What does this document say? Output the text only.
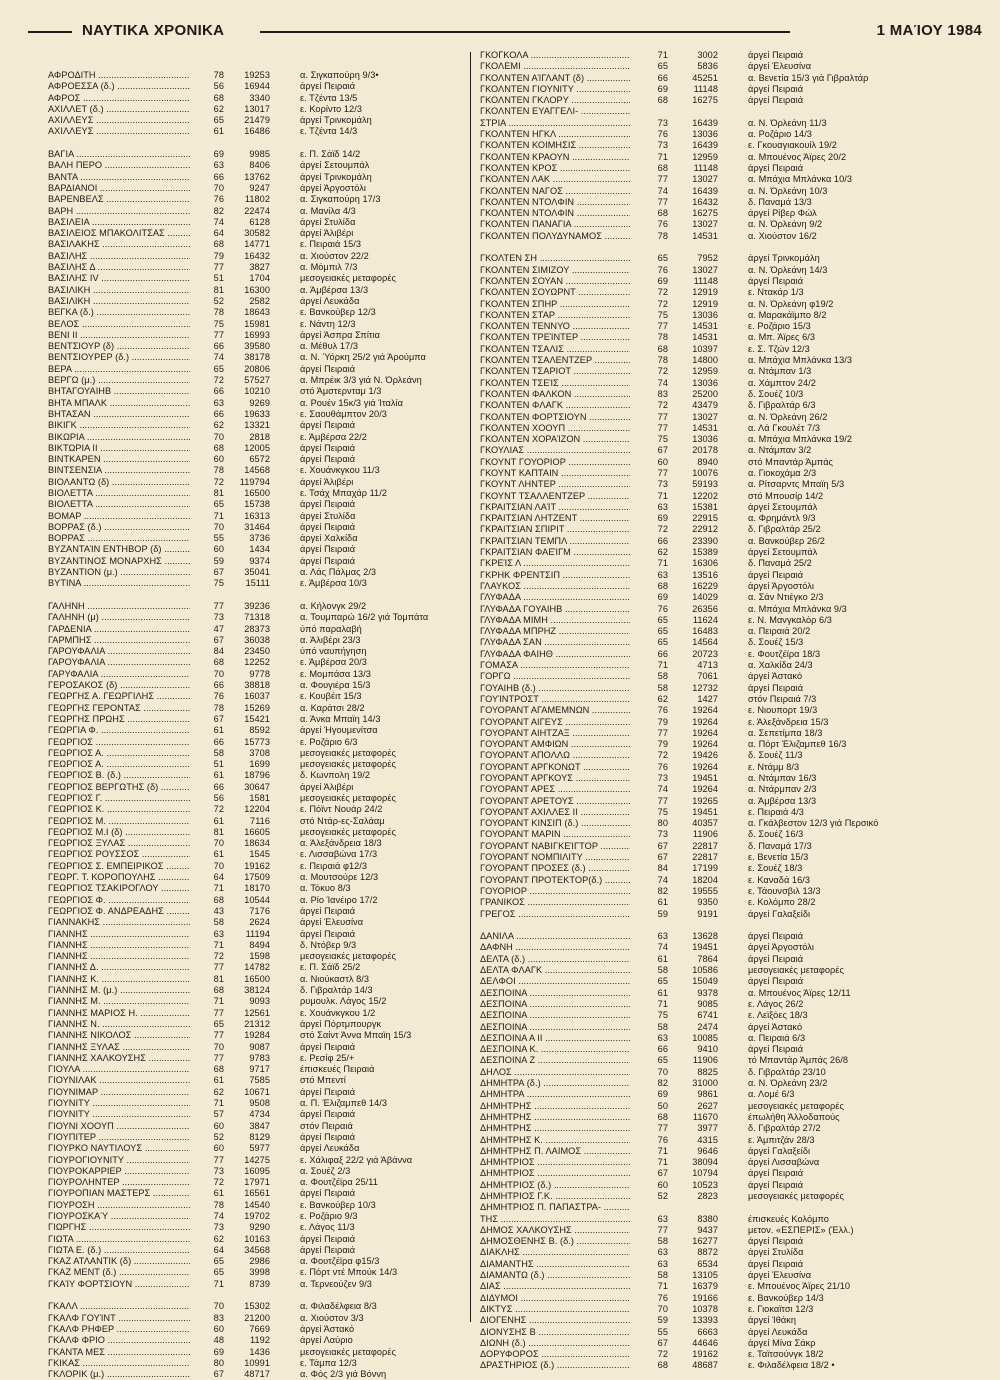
ΝΑΥΤΙΚΑ ΧΡΟΝΙΚΑ	1 ΜΑΊΟΥ 1984
ΑΦΡΟΔΙΤΗ .....	78	19253	α. Σιγκαπούρη 9/3•
ΑΦΡΟΕΣΣΑ (δ.) .....	56	16944	άργεί Πειραιά
ΑΦΡΟΣ .....	68	3340	ε. Τζέντα 13/5
ΑΧΙΛΛΕΤ (δ.) .....	62	13017	ε. Κορίντο 12/3
ΑΧΙΛΛΕΥΣ .....	65	21479	άργεί Τρινκομάλη
ΑΧΙΛΛΕΥΣ .....	61	16486	ε. Τζέντα 14/3
ΒΑΓΙΑ .....	69	9985	ε. Π. Σάϊδ 14/2
ΒΑΛΗ ΠΕΡΟ .....	63	8406	άργεί Σετουμπάλ
ΒΑΝΤΑ .....	66	13762	άργεί Τρινκομάλη
ΒΑΡΔΙΑΝΟΙ .....	70	9247	άργεί Άργοστόλι
ΒΑΡΕΝΒΕΛΣ .....	76	11802	α. Σιγκαπούρη 17/3
ΒΑΡΗ .....	82	22474	α. Μανίλα 4/3
ΒΑΣΙΛΕΙΑ .....	74	6128	άργεί Στυλίδα
ΒΑΣΙΛΕΙΟΣ ΜΠΑΚΟΛΙΤΣΑΣ .....	64	30582	άργεί Άλιβέρι
ΒΑΣΙΛΑΚΗΣ .....	68	14771	ε. Πειραιά 15/3
ΒΑΣΙΛΗΣ .....	79	16432	α. Χιούστον 22/2
ΒΑΣΙΛΗΣ Δ .....	77	3827	α. Μόμπιλ 7/3
ΒΑΣΙΛΗΣ IV .....	51	1704	μεσογειακές μεταφορές
ΒΑΣΙΛΙΚΗ .....	81	16300	α. Άμβέρσα 13/3
ΒΑΣΙΛΙΚΗ .....	52	2582	άργεί Λευκάδα
ΒΕΓΚΑ (δ.) .....	78	18643	ε. Βανκούβερ 12/3
ΒΕΛΟΣ .....	75	15981	ε. Νάντη 12/3
ΒΕΝΙ II .....	77	16993	άργεί Άσπρα Σπίτια
ΒΕΝΤΣΙΟΥΡ (δ) .....	66	39580	α. Μέθυλ 17/3
ΒΕΝΤΣΙΟΥΡΕΡ (δ.) .....	74	38178	α. Ν. Ύόρκη 25/2 γιά Άρούμπα
ΒΕΡΑ .....	65	20806	άργεί Πειραιά
ΒΕΡΓΩ (μ.) .....	72	57527	α. Μπρέικ 3/3 γιά Ν. Όρλεάνη
ΒΗΤΑΓΟΥΑΙΗΒ .....	66	10210	στό Άμστερνταμ 1/3
ΒΗΤΑ ΜΠΑΛΚ .....	63	9269	α. Ρουέν 15κ/3 γιά Ίταλία
ΒΗΤΑΣΑΝ .....	66	19633	ε. Σαουθάμπτον 20/3
ΒΙΚΙΓΚ .....	62	13321	άργεί Πειραιά
ΒΙΚΩΡΙΑ .....	70	2818	ε. Άμβέρσα 22/2
ΒΙΚΤΩΡΙΑ II .....	68	12005	άργεί Πειραιά
ΒΙΝΤΚΑΡΕΝ .....	60	6572	άργεί Πειραιά
ΒΙΝΤΣΕΝΣΙΑ .....	78	14568	ε. Χουάνκγκου 11/3
ΒΙΟΛΑΝΤΩ (δ) .....	72	119794	άργεί Άλιβέρι
ΒΙΟΛΕΤΤΑ .....	81	16500	ε. Τσάχ Μπαχάρ 11/2
ΒΙΟΛΕΤΤΑ .....	65	15738	άργεί Πειραιά
ΒΟΜΑΡ .....	71	16313	άργεί Στυλίδα
ΒΟΡΡΑΣ (δ.) .....	70	31464	άργεί Πειραιά
ΒΟΡΡΑΣ .....	55	3736	άργεί Χαλκίδα
ΒΥΖΑΝΤΑΊΝ ΕΝΤΗΒΟΡ (δ) .....	60	1434	άργεί Πειραιά
ΒΥΖΑΝΤΙΝΟΣ ΜΟΝΑΡΧΗΣ .....	59	9374	άργεί Πειραιά
ΒΥΖΑΝΤΙΟΝ (μ.) .....	67	35041	α. Λάς Πάλμας 2/3
ΒΥΤΙΝΑ .....	75	15111	ε. Άμβέρσα 10/3
ΓΑΛΗΝΗ .....	77	39236	α. Κήλονγκ 29/2
ΓΑΛΗΝΗ (μ) .....	73	71318	α. Τουμπαρώ 16/2 γιά Τομπάτα
ΓΑΡΔΕΝΙΑ .....	47	28373	ύπό παραλαβή
ΓΑΡΜΠΗΣ .....	67	36038	α. Άλιβέρι 23/3
ΓΑΡΟΥΦΑΛΙΑ .....	84	23450	ύπό ναυπήγηση
ΓΑΡΟΥΦΑΛΙΑ .....	68	12252	ε. Άμβέρσα 20/3
ΓΑΡΥΦΑΛΙΑ .....	70	9778	ε. Μομπάσα 13/3
ΓΕΡΟΣΑΚΟΣ (δ) .....	66	38818	α. Φουγιέρα 15/3
ΓΕΩΡΓΗΣ Α. ΓΕΩΡΓΙΛΗΣ .....	76	16037	ε. Κουβέιτ 15/3
ΓΕΩΡΓΗΣ ΓΕΡΟΝΤΑΣ .....	78	15269	α. Καράτσι 28/2
ΓΕΩΡΓΗΣ ΠΡΩΗΣ .....	67	15421	α. Άνκα Μπαϊη 14/3
ΓΕΩΡΓΙΑ Φ. .....	61	8592	άργεί Ήγουμενίτσα
ΓΕΩΡΓΙΟΣ .....	66	15773	ε. Ροζάριο 6/3
ΓΕΩΡΓΙΟΣ Α. .....	58	3708	μεσογειακές μεταφορές
ΓΕΩΡΓΙΟΣ Α. .....	51	1699	μεσογειακές μεταφορές
ΓΕΩΡΓΙΟΣ Β. (δ.) .....	61	18796	δ. Κωνπολη 19/2
ΓΕΩΡΓΙΟΣ ΒΕΡΓΩΤΗΣ (δ) .....	66	30647	άργεί Άλιβέρι
ΓΕΩΡΓΙΟΣ Γ. .....	56	1581	μεσογειακές μεταφορές
ΓΕΩΡΓΙΟΣ Κ. .....	72	12204	ε. Πόϊντ Νουάρ 24/2
ΓΕΩΡΓΙΟΣ Μ. .....	61	7116	στό Ντάρ-ες-Σαλάαμ
ΓΕΩΡΓΙΟΣ Μ.Ι (δ) .....	81	16605	μεσογειακές μεταφορές
ΓΕΩΡΓΙΟΣ ΞΥΛΑΣ .....	70	18634	α. Άλεξάνδρεια 18/3
ΓΕΩΡΓΙΟΣ ΡΟΥΣΣΟΣ .....	61	1545	ε. Λισσαβώνα 17/3
ΓΕΩΡΓΙΟΣ Σ. ΕΜΠΕΙΡΙΚΟΣ .....	70	19162	ε. Πειραιά φ12/3
ΓΕΩΡΓ. Τ. ΚΟΡΟΠΟΥΛΗΣ .....	64	17509	α. Μουτσούρε 12/3
ΓΕΩΡΓΙΟΣ ΤΣΑΚΙΡΟΓΛΟΥ .....	71	18170	α. Τόκυο 8/3
ΓΕΩΡΓΙΟΣ Φ. .....	68	10544	α. Ρίο Ίανέιρο 17/2
ΓΕΩΡΓΙΟΣ Φ. ΑΝΔΡΕΑΔΗΣ .....	43	7176	άργεί Πειραιά
ΓΙΑΝΝΑΚΗΣ .....	58	2624	άργεί Έλευσίνα
ΓΙΑΝΝΗΣ .....	63	11194	άργεί Πειραιά
ΓΙΑΝΝΗΣ .....	71	8494	δ. Ντόβερ 9/3
ΓΙΑΝΝΗΣ .....	72	1598	μεσογειακές μεταφορές
ΓΙΑΝΝΗΣ Δ. .....	77	14782	ε. Π. Σάϊδ 25/2
ΓΙΑΝΝΗΣ Κ. .....	81	16500	α. Νιούκαστλ 8/3
ΓΙΑΝΝΗΣ Μ. (μ.) .....	68	38124	δ. Γιβραλτάρ 14/3
ΓΙΑΝΝΗΣ Μ. .....	71	9093	ρυμουλκ. Λάγος 15/2
ΓΙΑΝΝΗΣ ΜΑΡΙΟΣ Η. .....	77	12561	ε. Χουάνκγκου 1/2
ΓΙΑΝΝΗΣ Ν. .....	65	21312	άργεί Πόρτμπουργκ
ΓΙΑΝΝΗΣ ΝΙΚΟΛΟΣ .....	77	19284	στό Σαίντ Άννα Μπαϊη 15/3
ΓΙΑΝΝΗΣ ΞΥΛΑΣ .....	70	9087	άργεί Πειραιά
ΓΙΑΝΝΗΣ ΧΑΛΚΟΥΣΗΣ .....	77	9783	ε. Ρεσίφ 25/+
ΓΙΟΥΛΑ .....	68	9717	έπισκευές Πειραιά
ΓΙΟΥΝΙΛΑΚ .....	61	7585	στό Μπεντί
ΓΙΟΥΝΙΜΑΡ .....	62	10671	άργεί Πειραιά
ΓΙΟΥΝΙΤΥ .....	71	9508	α. Π. Έλιζαμπεθ 14/3
ΓΙΟΥΝΙΤΥ .....	57	4734	άργεί Πειραιά
ΓΙΟΥΝΙ ΧΟΟΥΠ .....	60	3847	στόν Πειραιά
ΓΙΟΥΠΙΤΕΡ .....	52	8129	άργεί Πειραιά
ΓΙΟΥΡΚΟ ΝΑΥΤΙΛΟΥΣ .....	60	5977	άργεί Λευκάδα
ΓΙΟΥΡΟΓΙΟΥΝΙΤΥ .....	77	14275	ε. Χάλιφαξ 22/2 γιά Άβάννα
ΓΙΟΥΡΟΚΑΡΡΙΕΡ .....	73	16095	α. Σουέζ 2/3
ΓΙΟΥΡΟΛΗΝΤΕΡ .....	72	17971	α. Φουτζέϊρα 25/11
ΓΙΟΥΡΟΠΙΑΝ ΜΑΣΤΕΡΣ .....	61	16561	άργεί Πειραιά
ΓΙΟΥΡΟΣΗ .....	78	14540	ε. Βανκούβερ 10/3
ΓΙΟΥΡΟΣΚΑΎ .....	74	19702	ε. Ροζάριο 9/3
ΓΙΩΡΓΗΣ .....	73	9290	ε. Λάγος 11/3
ΓΙΩΤΑ .....	62	10163	άργεί Πειραιά
ΓΙΩΤΑ Ε. (δ.) .....	64	34568	άργεί Πειραιά
ΓΚΑΖ ΑΤΛΑΝΤΙΚ (δ) .....	65	2986	α. Φουτζέϊρα φ15/3
ΓΚΑΖ ΜΕΝΤ (δ.) .....	65	3998	ε. Πόρτ ντέ Μπούκ 14/3
ΓΚΑΊΥ ΦΟΡΤΣΙΟΥΝ .....	71	8739	α. Τερνεούζεν 9/3
ΓΚΑΛΛ .....	70	15302	α. Φιλαδέλφεια 8/3
ΓΚΑΛΦ ΓΟΥΊΝΤ .....	83	21200	α. Χιούστον 3/3
ΓΚΑΛΦ ΡΗΦΕΡ .....	60	7669	άργεί Άστακό
ΓΚΑΛΦ ΦΡΙΟ .....	48	1192	άργεί Λαύριο
ΓΚΑΝΤΑ ΜΕΣ .....	69	1436	μεσογειακές μεταφορές
ΓΚΙΚΑΣ .....	80	10991	ε. Τάμπα 12/3
ΓΚΛΟΡΙΚ (μ.) .....	67	48717	α. Φός 2/3 γιά Βόννη
ΓΚΟΓΚΟΛΑ .....	71	3002	άργεί Πειραιά
ΓΚΟΛΕΜΙ .....	65	5836	άργεί Έλευσίνα
ΓΚΟΛΝΤΕΝ ΑΊΓΛΑΝΤ (δ) .....	66	45251	α. Βενετία 15/3 γιά Γιβραλτάρ
ΓΚΟΛΝΤΕΝ ΓΙΟΥΝΙΤΥ .....	69	11148	άργεί Πειραιά
ΓΚΟΛΝΤΕΝ ΓΚΛΟΡΥ .....	68	16275	άργεί Πειραιά
ΓΚΟΛΝΤΕΝ ΕΥΑΓΓΕΛΙ- .....
ΣΤΡΙΑ .....	73	16439	α. Ν. Όρλεάνη 11/3
ΓΚΟΛΝΤΕΝ ΗΓΚΛ .....	76	13036	α. Ροζάριο 14/3
ΓΚΟΛΝΤΕΝ ΚΟΙΜΗΣΙΣ .....	73	16439	ε. Γκουαγιακουίλ 19/2
ΓΚΟΛΝΤΕΝ ΚΡΑΟΥΝ .....	71	12959	α. Μπουένος Άϊρες 20/2
ΓΚΟΛΝΤΕΝ ΚΡΟΣ .....	68	11148	άργεί Πειραιά
ΓΚΟΛΝΤΕΝ ΛΑΚ .....	77	13027	α. Μπάχια Μπλάνκα 10/3
ΓΚΟΛΝΤΕΝ ΝΑΓΟΣ .....	74	16439	α. Ν. Όρλεάνη 10/3
ΓΚΟΛΝΤΕΝ ΝΤΟΛΦΙΝ .....	77	16432	δ. Παναμά 13/3
ΓΚΟΛΝΤΕΝ ΝΤΟΛΦΙΝ .....	68	16275	άργεί Ρίβερ Φώλ
ΓΚΟΛΝΤΕΝ ΠΑΝΑΓΙΑ .....	76	13027	α. Ν. Όρλεάνη 9/2
ΓΚΟΛΝΤΕΝ ΠΟΛΥΔΥΝΑΜΟΣ .....	78	14531	α. Χιούστον 16/2
ΓΚΟΛΤΕΝ ΣΗ .....	65	7952	άργεί Τρινκομάλη
ΓΚΟΛΝΤΕΝ ΣΙΜΙΖΟΥ .....	76	13027	α. Ν. Όρλεάνη 14/3
ΓΚΟΛΝΤΕΝ ΣΟΥΑΝ .....	69	11148	άργεί Πειραιά
ΓΚΟΛΝΤΕΝ ΣΟΥΩΡΝΤ .....	72	12919	ε. Ντακάρ 1/3
ΓΚΟΛΝΤΕΝ ΣΠΗΡ .....	72	12919	α. Ν. Όρλεάνη φ19/2
ΓΚΟΛΝΤΕΝ ΣΤΑΡ .....	75	13036	α. Μαρακάϊμπο 8/2
ΓΚΟΛΝΤΕΝ ΤΕΝΝΥΟ .....	77	14531	ε. Ροζάριο 15/3
ΓΚΟΛΝΤΕΝ ΤΡΕΊΝΤΕΡ .....	78	14531	α. Μπ. Άϊρες 6/3
ΓΚΟΛΝΤΕΝ ΤΣΑΛΙΣ .....	68	10397	ε. Σ. Τζών 12/3
ΓΚΟΛΝΤΕΝ ΤΣΑΛΕΝΤΖΕΡ .....	78	14800	α. Μπάχια Μπλάνκα 13/3
ΓΚΟΛΝΤΕΝ ΤΣΑΡΙΟΤ .....	72	12959	α. Ντάμπαν 1/3
ΓΚΟΛΝΤΕΝ ΤΣΕΊΣ .....	74	13036	α. Χάμπτον 24/2
ΓΚΟΛΝΤΕΝ ΦΑΛΚΟΝ .....	83	25200	δ. Σουέζ 10/3
ΓΚΟΛΝΤΕΝ ΦΛΑΓΚ .....	72	43479	δ. Γιβραλτάρ 6/3
ΓΚΟΛΝΤΕΝ ΦΟΡΤΣΙΟΥΝ .....	77	13027	α. Ν. Όρλεάνη 26/2
ΓΚΟΛΝΤΕΝ ΧΟΟΥΠ .....	77	14531	α. Λά Γκουλέτ 7/3
ΓΚΟΛΝΤΕΝ ΧΟΡΑΊΖΟΝ .....	75	13036	α. Μπάχια Μπλάνκα 19/2
ΓΚΟΥΛΙΑΣ .....	67	20178	α. Ντάμπαν 3/2
ΓΚΟΥΝΤ ΓΟΥΟΡΙΟΡ .....	60	8940	στό Μπαντάρ Άμπάς
ΓΚΟΥΝΤ ΚΑΠΤΑΙΝ .....	77	10076	α. Γιοκοχάμα 2/3
ΓΚΟΥΝΤ ΛΗΝΤΕΡ .....	73	59193	α. Ρίτσαρντς Μπαϊη 5/3
ΓΚΟΥΝΤ ΤΣΑΛΛΕΝΤΖΕΡ .....	71	12202	στό Μπουσίρ 14/2
ΓΚΡΑΙΤΣΙΑΝ ΛΑΊΤ .....	63	15381	άργεί Σετουμπάλ
ΓΚΡΑΙΤΣΙΑΝ ΛΗΤΖΕΝΤ .....	69	22915	α. Φρημάντλ 9/3
ΓΚΡΑΙΤΣΙΑΝ ΣΠΙΡΙΤ .....	72	22912	δ. Γιβραλτάρ 25/2
ΓΚΡΑΙΤΣΙΑΝ ΤΕΜΠΛ .....	66	23390	α. Βανκούβερ 26/2
ΓΚΡΑΙΤΣΙΑΝ ΦΑΕΊΓΜ .....	62	15389	άργεί Σετουμπάλ
ΓΚΡΕΊΣ Λ .....	71	16306	δ. Παναμά 25/2
ΓΚΡΗΚ ΦΡΕΝΤΣΙΠ .....	63	13516	άργεί Πειραιά
ΓΛΑΥΚΟΣ .....	68	16229	άργεί Άργοστόλι
ΓΛΥΦΑΔΑ .....	69	14029	α. Σάν Ντιέγκο 2/3
ΓΛΥΦΑΔΑ ΓΟΥΑΙΗΒ .....	76	26356	α. Μπάχια Μπλάνκα 9/3
ΓΛΥΦΑΔΑ ΜΙΜΗ .....	65	11624	ε. Ν. Μανγκαλόρ 6/3
ΓΛΥΦΑΔΑ ΜΠΡΗΖ .....	65	16483	α. Πειραιά 20/2
ΓΛΥΦΑΔΑ ΣΑΝ .....	65	14564	δ. Σουέζ 15/3
ΓΛΥΦΑΔΑ ΦΑΙΗΘ .....	66	20723	ε. Φουτζέϊρα 18/3
ΓΟΜΑΣΑ .....	71	4713	α. Χαλκίδα 24/3
ΓΟΡΓΩ .....	58	7061	άργεί Άστακό
ΓΟΥΑΙΗΒ (δ.) .....	58	12732	άργεί Πειραιά
ΓΟΥΊΝΤΡΟΣΤ .....	62	1427	στόν Πειραιά 7/3
ΓΟΥΟΡΑΝΤ ΑΓΑΜΕΜΝΩΝ .....	76	19264	ε. Νιουπορτ 19/3
ΓΟΥΟΡΑΝΤ ΑΙΓΕΥΣ .....	79	19264	ε. Άλεξάνδρεια 15/3
ΓΟΥΟΡΑΝΤ ΑΙΗΤΖΑΞ .....	77	19264	α. Σεπετίμπα 18/3
ΓΟΥΟΡΑΝΤ ΑΜΦΙΩΝ .....	79	19264	α. Πόρτ Έλιζαμπεθ 16/3
ΓΟΥΟΡΑΝΤ ΑΠΟΛΛΩ .....	72	19426	δ. Σουέζ 11/3
ΓΟΥΟΡΑΝΤ ΑΡΓΚΟΝΩΤ .....	76	19264	ε. Ντάμμ 8/3
ΓΟΥΟΡΑΝΤ ΑΡΓΚΟΥΣ .....	73	19451	α. Ντάμπαν 16/3
ΓΟΥΟΡΑΝΤ ΑΡΕΣ .....	74	19264	α. Ντάρμπαν 2/3
ΓΟΥΟΡΑΝΤ ΑΡΕΤΟΥΣ .....	77	19265	α. Άμβέρσα 13/3
ΓΟΥΟΡΑΝΤ ΑΧΙΛΛΕΣ II .....	75	19451	ε. Πειραιά 4/3
ΓΟΥΟΡΑΝΤ ΚΙΝΣΙΠ (δ.) .....	80	40357	α. Γκάλβεστον 12/3 γιά Περσικό
ΓΟΥΟΡΑΝΤ ΜΑΡΙΝ .....	73	11906	δ. Σουέζ 16/3
ΓΟΥΟΡΑΝΤ ΝΑΒΙΓΚΕΊΓΤΟΡ .....	67	22817	δ. Παναμά 17/3
ΓΟΥΟΡΑΝΤ ΝΟΜΠΙΛΙΤΥ .....	67	22817	ε. Βενετία 15/3
ΓΟΥΟΡΑΝΤ ΠΡΟΣΕΣ (δ.) .....	84	17199	ε. Σουέζ 18/3
ΓΟΥΟΡΑΝΤ ΠΡΟΤΕΚΤΟΡ(δ.) .....	74	18204	ε. Καναδά 16/3
ΓΟΥΟΡΙΟΡ .....	82	19555	ε. Τάουνσβιλ 13/3
ΓΡΑΝΙΚΟΣ .....	61	9350	ε. Κολόμπο 28/2
ΓΡΕΓΟΣ .....	59	9191	άργεί Γαλαξείδι
ΔΑΝΙΛΑ .....	63	13628	άργεί Πειραιά
ΔΑΦΝΗ .....	74	19451	άργεί Άργοστόλι
ΔΕΛΤΑ (δ.) .....	61	7864	άργεί Πειραιά
ΔΕΛΤΑ ΦΛΑΓΚ .....	58	10586	μεσογειακές μεταφορές
ΔΕΛΦΟΙ .....	65	15049	άργεί Πειραιά
ΔΕΣΠΟΙΝΑ .....	61	9378	α. Μπουένος Άϊρες 12/11
ΔΕΣΠΟΙΝΑ .....	71	9085	ε. Λάγος 26/2
ΔΕΣΠΟΙΝΑ .....	75	6741	ε. Λεϊξόες 18/3
ΔΕΣΠΟΙΝΑ .....	58	2474	άργεί Άστακό
ΔΕΣΠΟΙΝΑ Α II .....	63	10085	α. Πειραιά 6/3
ΔΕΣΠΟΙΝΑ Κ. .....	66	9410	άργεί Πειραιά
ΔΕΣΠΟΙΝΑ Ζ .....	65	11906	τό Μπαντάρ Άμπάς 26/8
ΔΗΛΟΣ .....	70	8825	δ. Γιβραλτάρ 23/10
ΔΗΜΗΤΡΑ (δ.) .....	82	31000	α. Ν. Όρλεάνη 23/2
ΔΗΜΗΤΡΑ .....	69	9861	α. Λομέ 6/3
ΔΗΜΗΤΡΗΣ .....	50	2627	μεσογειακές μεταφορές
ΔΗΜΗΤΡΗΣ .....	68	11670	έπωλήθη Άλλοδαπούς
ΔΗΜΗΤΡΗΣ .....	77	3977	δ. Γιβραλτάρ 27/2
ΔΗΜΗΤΡΗΣ Κ. .....	76	4315	ε. Άμπιτζάν 28/3
ΔΗΜΗΤΡΗΣ Π. ΛΑΙΜΟΣ .....	71	9646	άργεί Γαλαξείδι
ΔΗΜΗΤΡΙΟΣ .....	71	38094	άργεί Λισσαβώνα
ΔΗΜΗΤΡΙΟΣ .....	67	10794	άργεί Πειραιά
ΔΗΜΗΤΡΙΟΣ (δ.) .....	60	10523	άργεί Πειραιά
ΔΗΜΗΤΡΙΟΣ Γ.Κ. .....	52	2823	μεσογειακές μεταφορές
ΔΗΜΗΤΡΙΟΣ Π. ΠΑΠΑΣΤΡΑ- .....
ΤΗΣ .....	63	8380	έπισκευές Κολόμπο
ΔΗΜΟΣ ΧΑΛΚΟΥΣΗΣ .....	77	9437	μετον. «ΕΣΠΕΡΙΣ» (Έλλ.)
ΔΗΜΟΣΘΕΝΗΣ Β. (δ.) .....	58	16277	άργεί Πειραιά
ΔΙΑΚΛΗΣ .....	63	8872	άργεί Στυλίδα
ΔΙΑΜΑΝΤΗΣ .....	63	6534	άργεί Πειραιά
ΔΙΑΜΑΝΤΩ (δ.) .....	58	13105	άργεί Έλευσίνα
ΔΙΑΣ .....	71	16379	ε. Μπουένος Άϊρες 21/10
ΔΙΔΥΜΟΙ .....	76	19166	ε. Βανκούβερ 14/3
ΔΙΚΤΥΣ .....	70	10378	ε. Γιοκαϊτσι 12/3
ΔΙΟΓΕΝΗΣ .....	59	13393	άργεί Ίθάκη
ΔΙΟΝΥΣΗΣ Β .....	55	6663	άργεί Λευκάδα
ΔΙΩΝΗ (δ.) .....	67	44646	άργεί Μίνα Σάκρ
ΔΟΡΥΦΟΡΟΣ .....	72	19162	ε. Ταϊτσούνγκ 18/2
ΔΡΑΣΤΗΡΙΟΣ (δ.) .....	68	48687	ε. Φιλαδέλφεια 18/2 •
